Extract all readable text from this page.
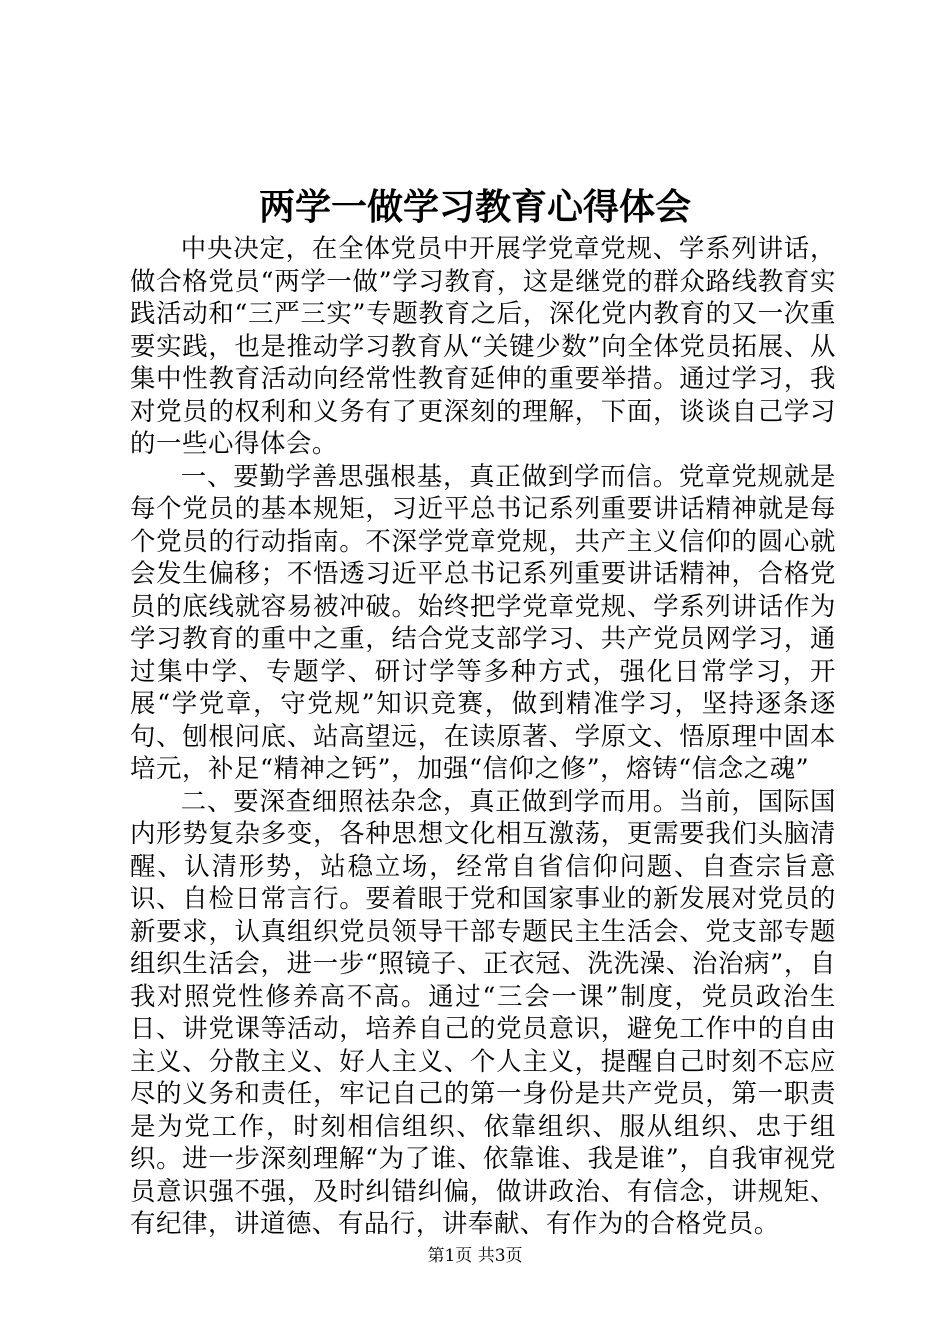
两学一做学习教育心得体会

中央决定，在全体党员中开展学党章党规、学系列讲话，做合格党员“两学一做”学习教育，这是继党的群众路线教育实践活动和“三严三实”专题教育之后，深化党内教育的又一次重要实践，也是推动学习教育从“关键少数”向全体党员拓展、从集中性教育活动向经常性教育延伸的重要举措。通过学习，我对党员的权利和义务有了更深刻的理解，下面，谈谈自己学习的一些心得体会。

一、要勤学善思强根基，真正做到学而信。党章党规就是每个党员的基本规矩，习近平总书记系列重要讲话精神就是每个党员的行动指南。不深学党章党规，共产主义信仰的圆心就会发生偏移；不悟透习近平总书记系列重要讲话精神，合格党员的底线就容易被冲破。始终把学党章党规、学系列讲话作为学习教育的重中之重，结合党支部学习、共产党员网学习，通过集中学、专题学、研讨学等多种方式，强化日常学习，开展“学党章，守党规”知识竞赛，做到精准学习，坚持逐条逐句、刨根问底、站高望远，在读原著、学原文、悟原理中固本培元，补足“精神之钙”，加强“信仰之修”，熔铸“信念之魂”

二、要深查细照祛杂念，真正做到学而用。当前，国际国内形势复杂多变，各种思想文化相互激荡，更需要我们头脑清醒、认清形势，站稳立场，经常自省信仰问题、自查宗旨意识、自检日常言行。要着眼于党和国家事业的新发展对党员的新要求，认真组织党员领导干部专题民主生活会、党支部专题组织生活会，进一步“照镜子、正衣冠、洗洗澡、治治病”，自我对照党性修养高不高。通过“三会一课”制度，党员政治生日、讲党课等活动，培养自己的党员意识，避免工作中的自由主义、分散主义、好人主义、个人主义，提醒自己时刻不忘应尽的义务和责任，牢记自己的第一身份是共产党员，第一职责是为党工作，时刻相信组织、依靠组织、服从组织、忠于组织。进一步深刻理解“为了谁、依靠谁、我是谁”，自我审视党员意识强不强，及时纠错纠偏，做讲政治、有信念，讲规矩、有纪律，讲道德、有品行，讲奉献、有作为的合格党员。

第1页 共3页
